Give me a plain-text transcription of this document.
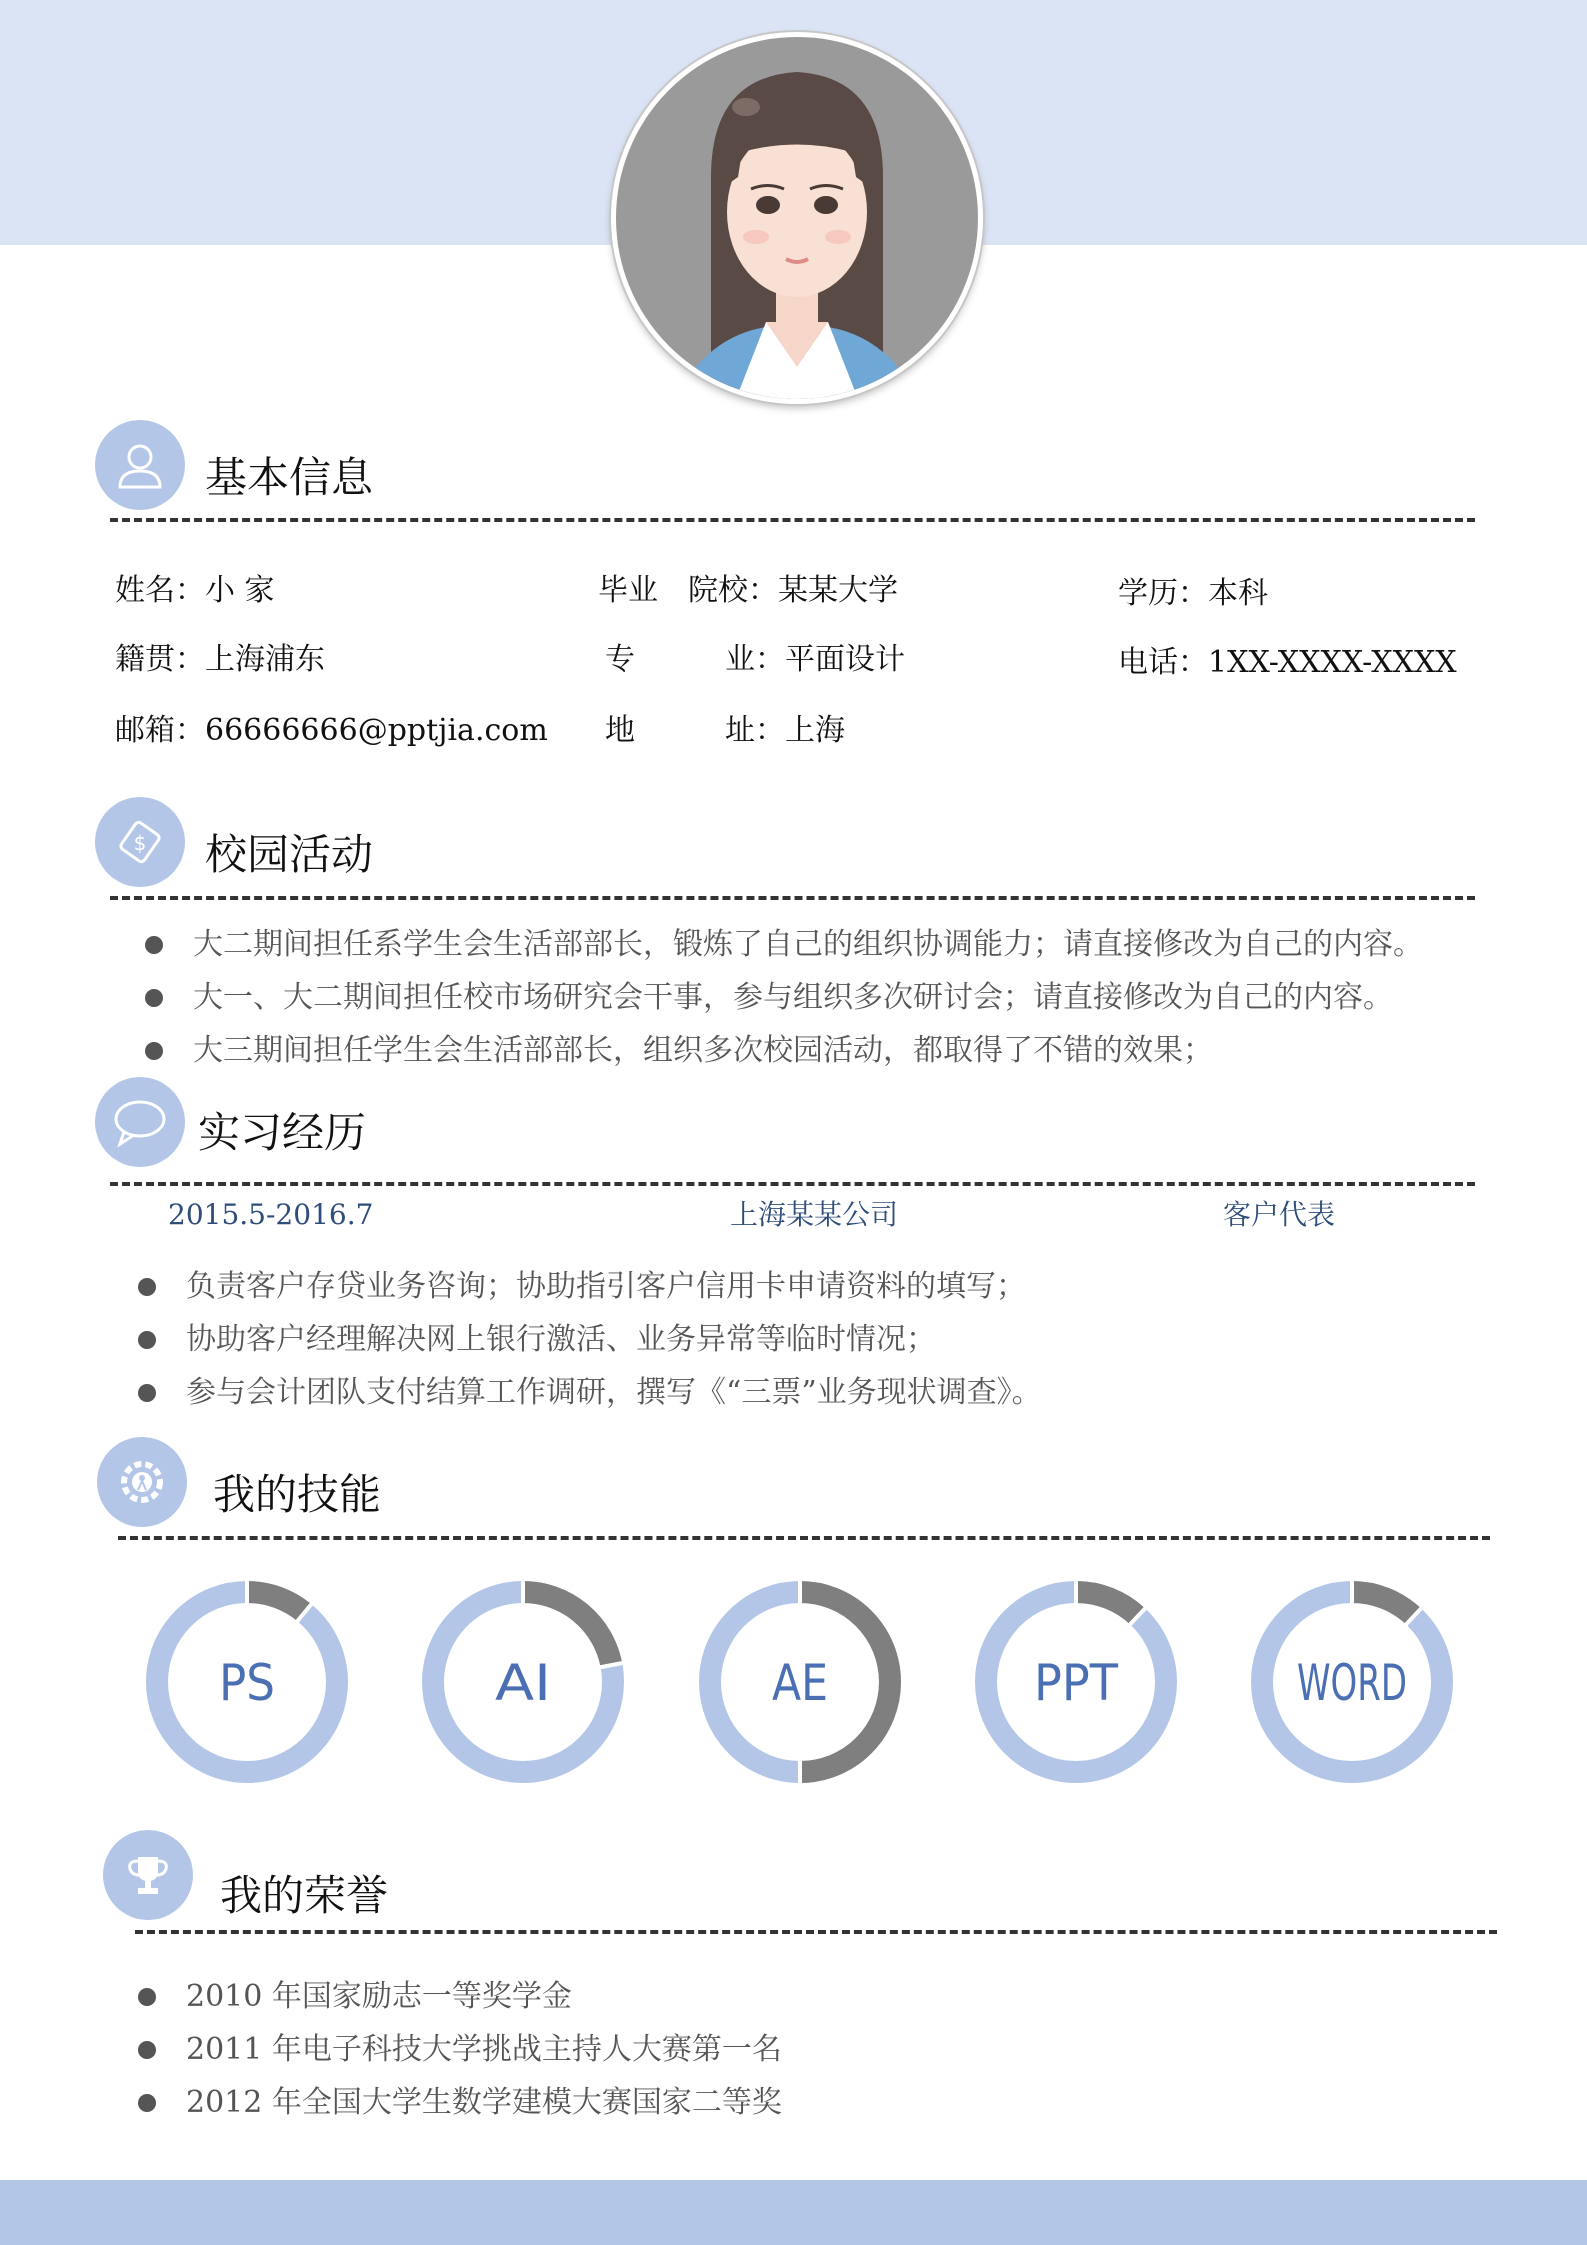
基本信息
姓名：小 家	毕业　院校：某某大学	学历：本科
籍贯：上海浦东	专　　　业：平面设计	电话：1XX-XXXX-XXXX
邮箱：66666666@pptjia.com 地　　　址：上海
$ 校园活动
大二期间担任系学生会生活部部长，锻炼了自己的组织协调能力；请直接修改为自己的内容。
大一、大二期间担任校市场研究会干事，参与组织多次研讨会；请直接修改为自己的内容。
大三期间担任学生会生活部部长，组织多次校园活动，都取得了不错的效果；
实习经历
2015.5-2016.7	上海某某公司	客户代表
负责客户存贷业务咨询；协助指引客户信用卡申请资料的填写；
协助客户经理解决网上银行激活、业务异常等临时情况；
参与会计团队支付结算工作调研，撰写《“三票”业务现状调查》。
我的技能
PS	AI	AE	PPT	WORD
我的荣誉
2010 年国家励志一等奖学金
2011 年电子科技大学挑战主持人大赛第一名
2012 年全国大学生数学建模大赛国家二等奖
